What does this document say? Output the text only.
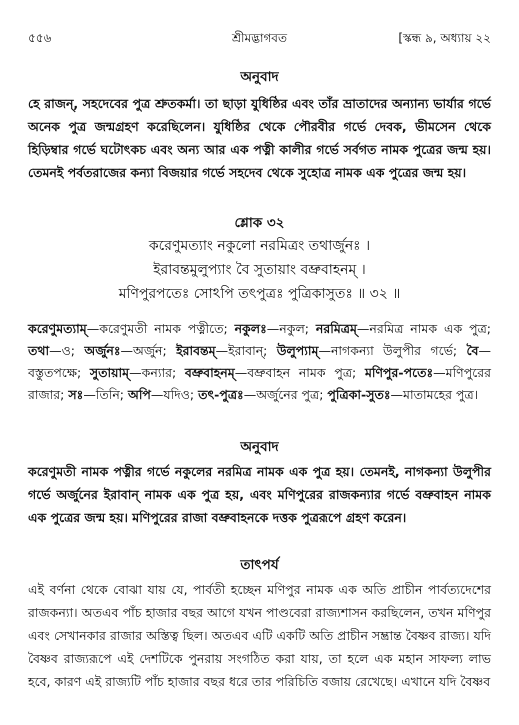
৫৫৬	শ্রীমদ্ভাগবত	[স্কন্ধ ৯, অধ্যায় ২২
অনুবাদ
হে রাজন্, সহদেবের পুত্র শ্রুতকর্মা। তা ছাড়া যুধিষ্ঠির এবং তাঁর ভ্রাতাদের অন্যান্য ভার্যার গর্ভে অনেক পুত্র জন্মগ্রহণ করেছিলেন। যুধিষ্ঠির থেকে পৌরবীর গর্ভে দেবক, ভীমসেন থেকে হিড়িম্বার গর্ভে ঘটোৎকচ এবং অন্য আর এক পত্নী কালীর গর্ভে সর্বগত নামক পুত্রের জন্ম হয়। তেমনই পর্বতরাজের কন্যা বিজয়ার গর্ভে সহদেব থেকে সুহোত্র নামক এক পুত্রের জন্ম হয়।
শ্লোক ৩২
করেণুমত্যাং নকুলো নরমিত্রং তথার্জুনঃ ।
ইরাবন্তমুলুপ্যাং বৈ সুতায়াং বভ্রুবাহনম্ ।
মণিপুরপতেঃ সোঽপি তৎপুত্রঃ পুত্রিকাসুতঃ ॥ ৩২ ॥
করেণুমত্যাম্—করেণুমতী নামক পত্নীতে; নকুলঃ—নকুল; নরমিত্রম্—নরমিত্র নামক এক পুত্র; তথা—ও; অর্জুনঃ—অর্জুন; ইরাবন্তম্—ইরাবান্; উলুপ্যাম্—নাগকন্যা উলুপীর গর্ভে; বৈ—বস্তুতপক্ষে; সুতায়াম্—কন্যার; বভ্রুবাহনম্—বভ্রুবাহন নামক পুত্র; মণিপুর-পতেঃ—মণিপুরের রাজার; সঃ—তিনি; অপি—যদিও; তৎ-পুত্রঃ—অর্জুনের পুত্র; পুত্রিকা-সুতঃ—মাতামহের পুত্র।
অনুবাদ
করেণুমতী নামক পত্নীর গর্ভে নকুলের নরমিত্র নামক এক পুত্র হয়। তেমনই, নাগকন্যা উলুপীর গর্ভে অর্জুনের ইরাবান্ নামক এক পুত্র হয়, এবং মণিপুরের রাজকন্যার গর্ভে বভ্রুবাহন নামক এক পুত্রের জন্ম হয়। মণিপুরের রাজা বভ্রুবাহনকে দত্তক পুত্ররূপে গ্রহণ করেন।
তাৎপর্য
এই বর্ণনা থেকে বোঝা যায় যে, পার্বতী হচ্ছেন মণিপুর নামক এক অতি প্রাচীন পার্বত্যদেশের রাজকন্যা। অতএব পাঁচ হাজার বছর আগে যখন পাণ্ডবেরা রাজ্যশাসন করছিলেন, তখন মণিপুর এবং সেখানকার রাজার অস্তিত্ব ছিল। অতএব এটি একটি অতি প্রাচীন সম্ভ্রান্ত বৈষ্ণব রাজ্য। যদি বৈষ্ণব রাজ্যরূপে এই দেশটিকে পুনরায় সংগঠিত করা যায়, তা হলে এক মহান সাফল্য লাভ হবে, কারণ এই রাজ্যটি পাঁচ হাজার বছর ধরে তার পরিচিতি বজায় রেখেছে। এখানে যদি বৈষ্ণব
